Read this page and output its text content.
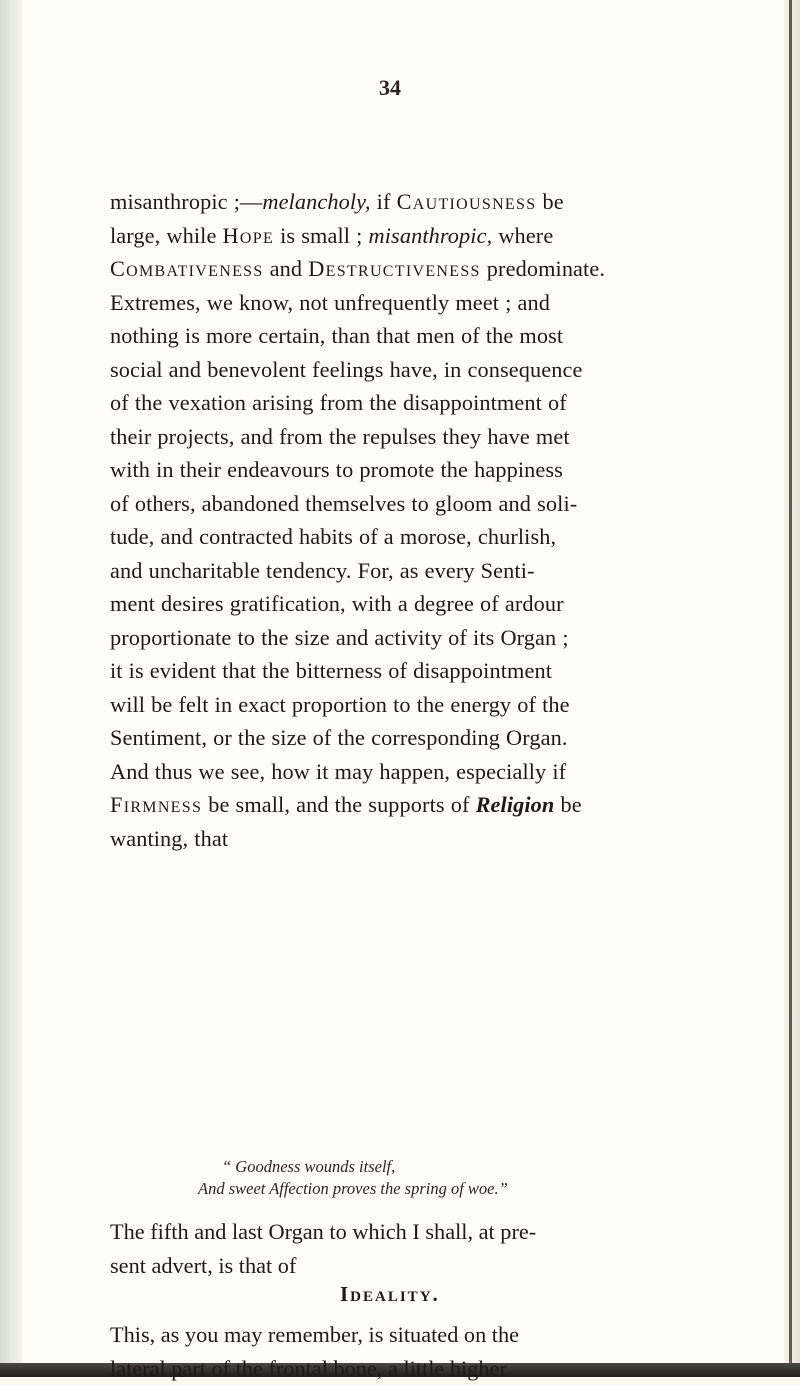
34
misanthropic ;—melancholy, if Cautiousness be
large, while Hope is small ; misanthropic, where
Combativeness and Destructiveness predominate.
Extremes, we know, not unfrequently meet ; and
nothing is more certain, than that men of the most
social and benevolent feelings have, in consequence
of the vexation arising from the disappointment of
their projects, and from the repulses they have met
with in their endeavours to promote the happiness
of others, abandoned themselves to gloom and soli-
tude, and contracted habits of a morose, churlish,
and uncharitable tendency. For, as every Senti-
ment desires gratification, with a degree of ardour
proportionate to the size and activity of its Organ ;
it is evident that the bitterness of disappointment
will be felt in exact proportion to the energy of the
Sentiment, or the size of the corresponding Organ.
And thus we see, how it may happen, especially if
Firmness be small, and the supports of Religion be
wanting, that
“ Goodness wounds itself,
And sweet Affection proves the spring of woe.”
The fifth and last Organ to which I shall, at pre-
sent advert, is that of
Ideality.
This, as you may remember, is situated on the
lateral part of the frontal bone, a little higher
